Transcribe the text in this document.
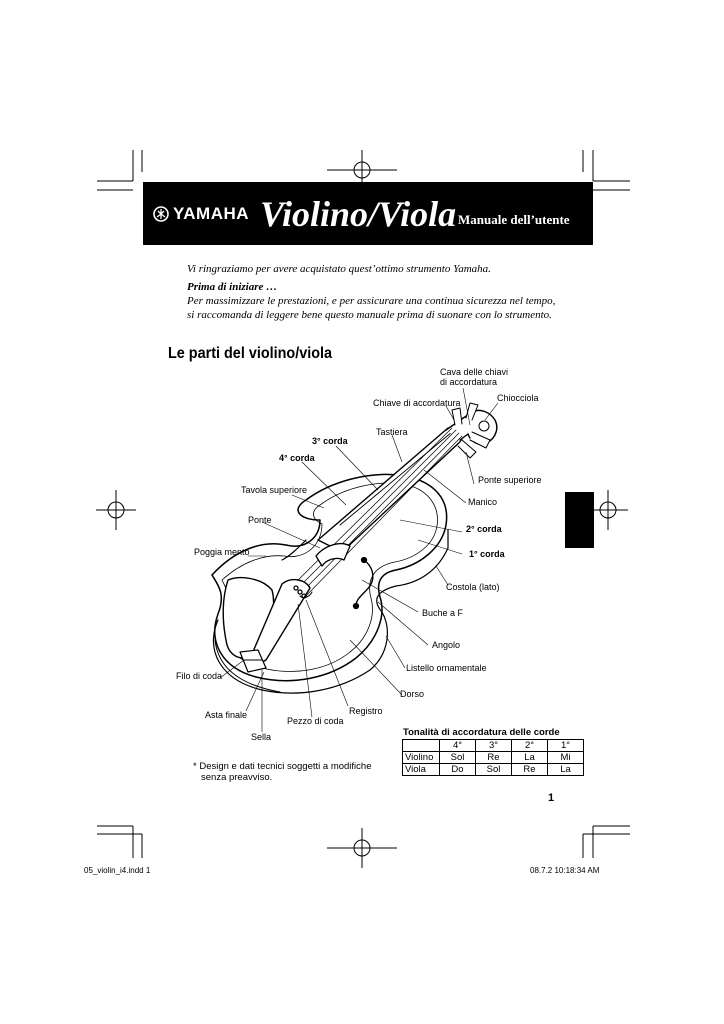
YAMAHA Violino/Viola Manuale dell’utente
Vi ringraziamo per avere acquistato quest’ottimo strumento Yamaha.
Prima di iniziare …
Per massimizzare le prestazioni, e per assicurare una continua sicurezza nel tempo,
si raccomanda di leggere bene questo manuale prima di suonare con lo strumento.
Le parti del violino/viola
Cava delle chiavi
di accordatura
Chiocciola
Chiave di accordatura
Tastiera
3° corda
4° corda
Ponte superiore
Tavola superiore
Manico
Ponte
2° corda
Poggia mento	1° corda
Costola (lato)
Buche a F
Angolo
Listello ornamentale
Filo di coda
Dorso
Registro
Asta finale
Pezzo di coda
Sella	Tonalità di accordatura delle corde
	4°	3°	2°	1°
Violino	Sol	Re	La	Mi
Viola	Do	Sol	Re	La
* Design e dati tecnici soggetti a modifiche
senza preavviso.
1
05_violin_i4.indd 1	08.7.2 10:18:34 AM
